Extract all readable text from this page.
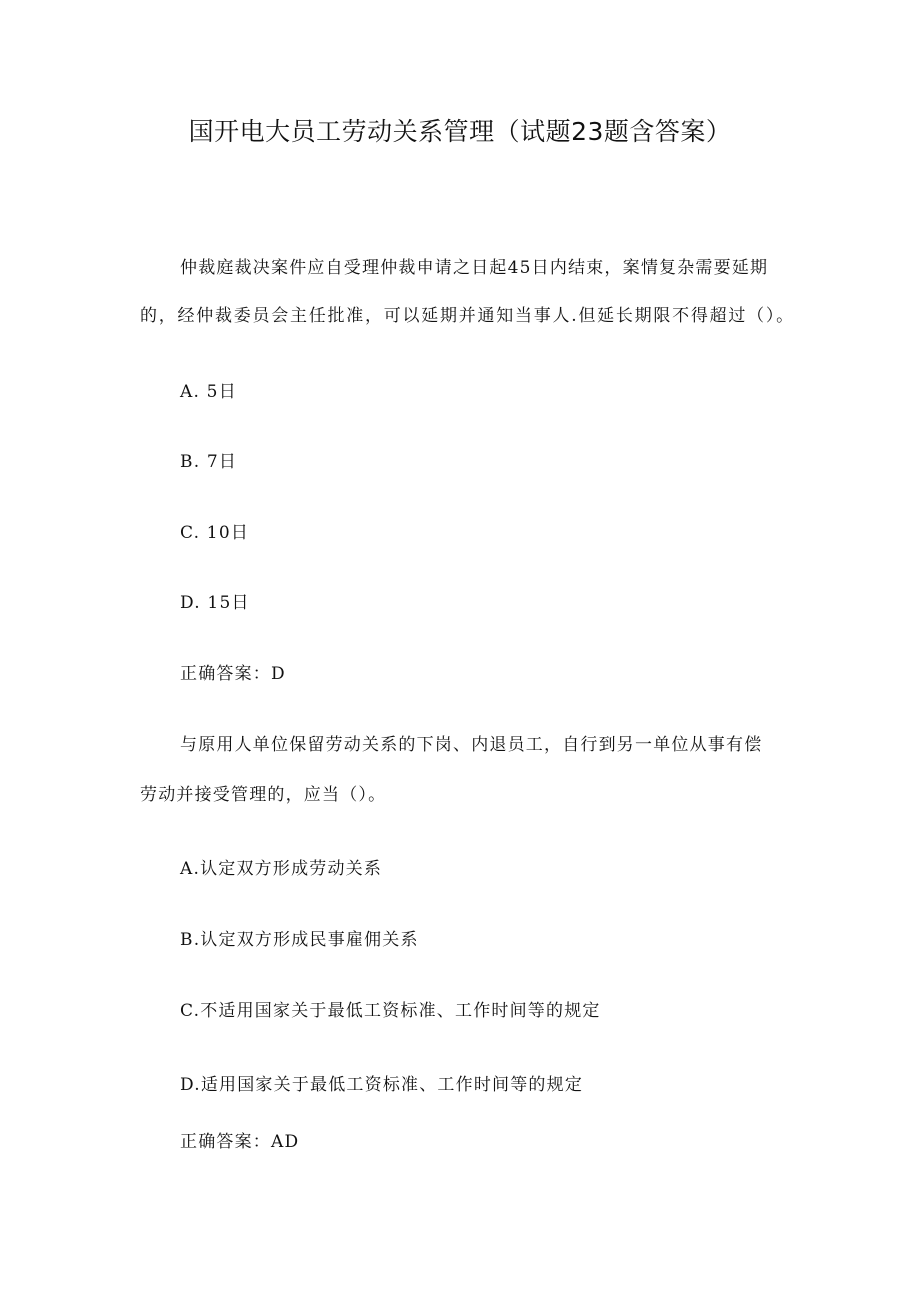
国开电大员工劳动关系管理（试题23题含答案）
仲裁庭裁决案件应自受理仲裁申请之日起45日内结束，案情复杂需要延期
的，经仲裁委员会主任批准，可以延期并通知当事人.但延长期限不得超过（）。
A. 5日
B. 7日
C. 10日
D. 15日
正确答案：D
与原用人单位保留劳动关系的下岗、内退员工，自行到另一单位从事有偿
劳动并接受管理的，应当（）。
A.认定双方形成劳动关系
B.认定双方形成民事雇佣关系
C.不适用国家关于最低工资标准、工作时间等的规定
D.适用国家关于最低工资标准、工作时间等的规定
正确答案：AD
